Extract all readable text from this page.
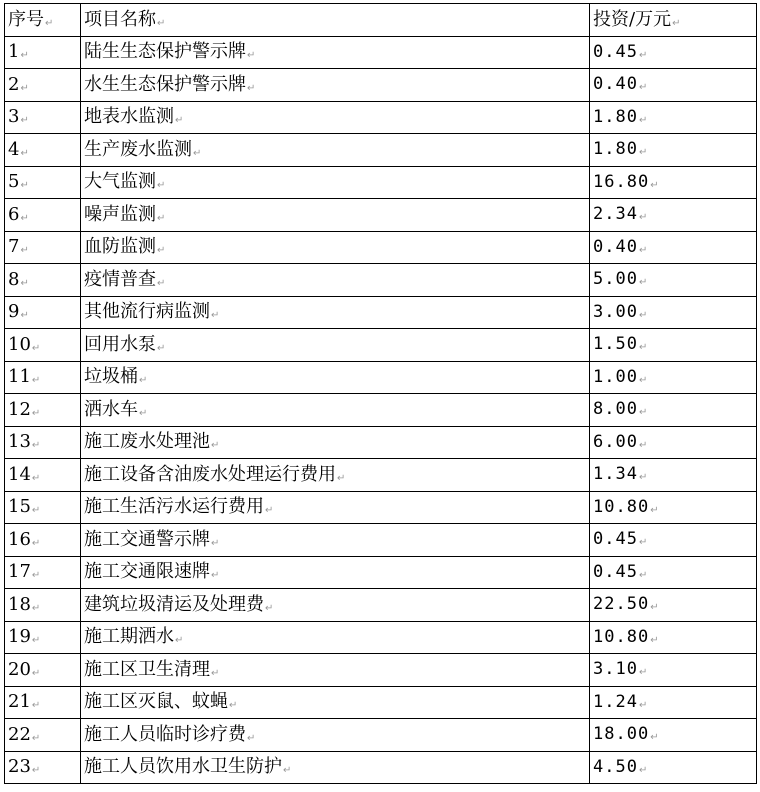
序号↵	项目名称↵	投资/万元↵
1↵	陆生生态保护警示牌↵	0.45↵
2↵	水生生态保护警示牌↵	0.40↵
3↵	地表水监测↵	1.80↵
4↵	生产废水监测↵	1.80↵
5↵	大气监测↵	16.80↵
6↵	噪声监测↵	2.34↵
7↵	血防监测↵	0.40↵
8↵	疫情普查↵	5.00↵
9↵	其他流行病监测↵	3.00↵
10↵	回用水泵↵	1.50↵
11↵	垃圾桶↵	1.00↵
12↵	洒水车↵	8.00↵
13↵	施工废水处理池↵	6.00↵
14↵	施工设备含油废水处理运行费用↵	1.34↵
15↵	施工生活污水运行费用↵	10.80↵
16↵	施工交通警示牌↵	0.45↵
17↵	施工交通限速牌↵	0.45↵
18↵	建筑垃圾清运及处理费↵	22.50↵
19↵	施工期洒水↵	10.80↵
20↵	施工区卫生清理↵	3.10↵
21↵	施工区灭鼠、蚊蝇↵	1.24↵
22↵	施工人员临时诊疗费↵	18.00↵
23↵	施工人员饮用水卫生防护↵	4.50↵
